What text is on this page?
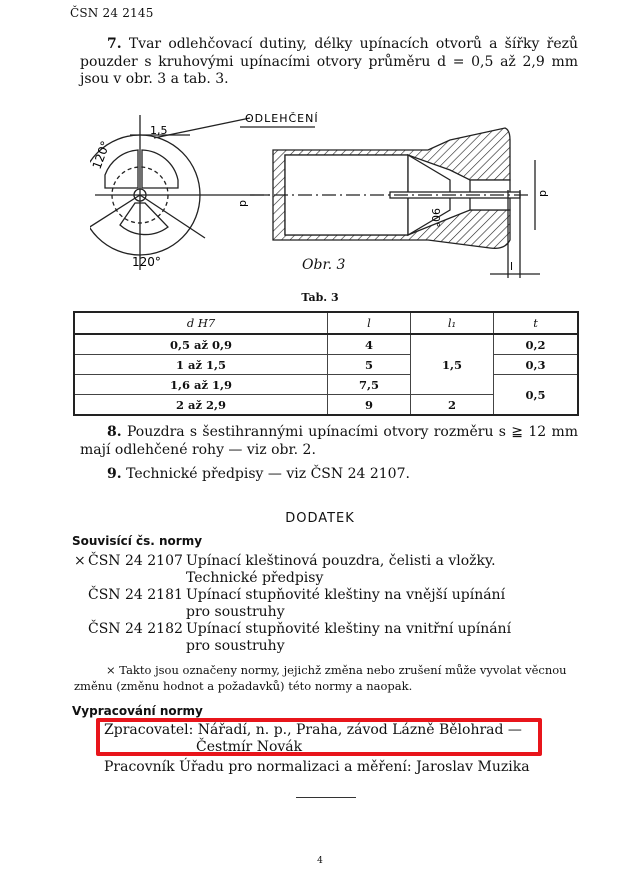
ČSN 24 2145
7. Tvar odlehčovací dutiny, délky upínacích otvorů a šířky řezů pouzder s kruhovými upínacími otvory průměru d = 0,5 až 2,9 mm jsou v obr. 3 a tab. 3.
120°
120°
1,5
ODLEHČENÍ
d
90°
d
l
Obr. 3
Tab. 3
d H7	l	l₁	t
0,5 až 0,9	4	1,5	0,2
1 až 1,5	5		0,3
1,6 až 1,9	7,5		0,5
2 až 2,9	9	2	
8. Pouzdra s šestihrannými upínacími otvory rozměru s ≧ 12 mm mají odlehčené rohy — viz obr. 2.
9. Technické předpisy — viz ČSN 24 2107.
DODATEK
Souvisící čs. normy
× ČSN 24 2107 Upínací kleštinová pouzdra, čelisti a vložky.
Technické předpisy
ČSN 24 2181 Upínací stupňovité kleštiny na vnější upínání
pro soustruhy
ČSN 24 2182 Upínací stupňovité kleštiny na vnitřní upínání
pro soustruhy
× Takto jsou označeny normy, jejichž změna nebo zrušení může vyvolat věcnou změnu (změnu hodnot a požadavků) této normy a naopak.
Vypracování normy
Zpracovatel: Nářadí, n. p., Praha, závod Lázně Bělohrad —
Čestmír Novák
Pracovník Úřadu pro normalizaci a měření: Jaroslav Muzika
4
